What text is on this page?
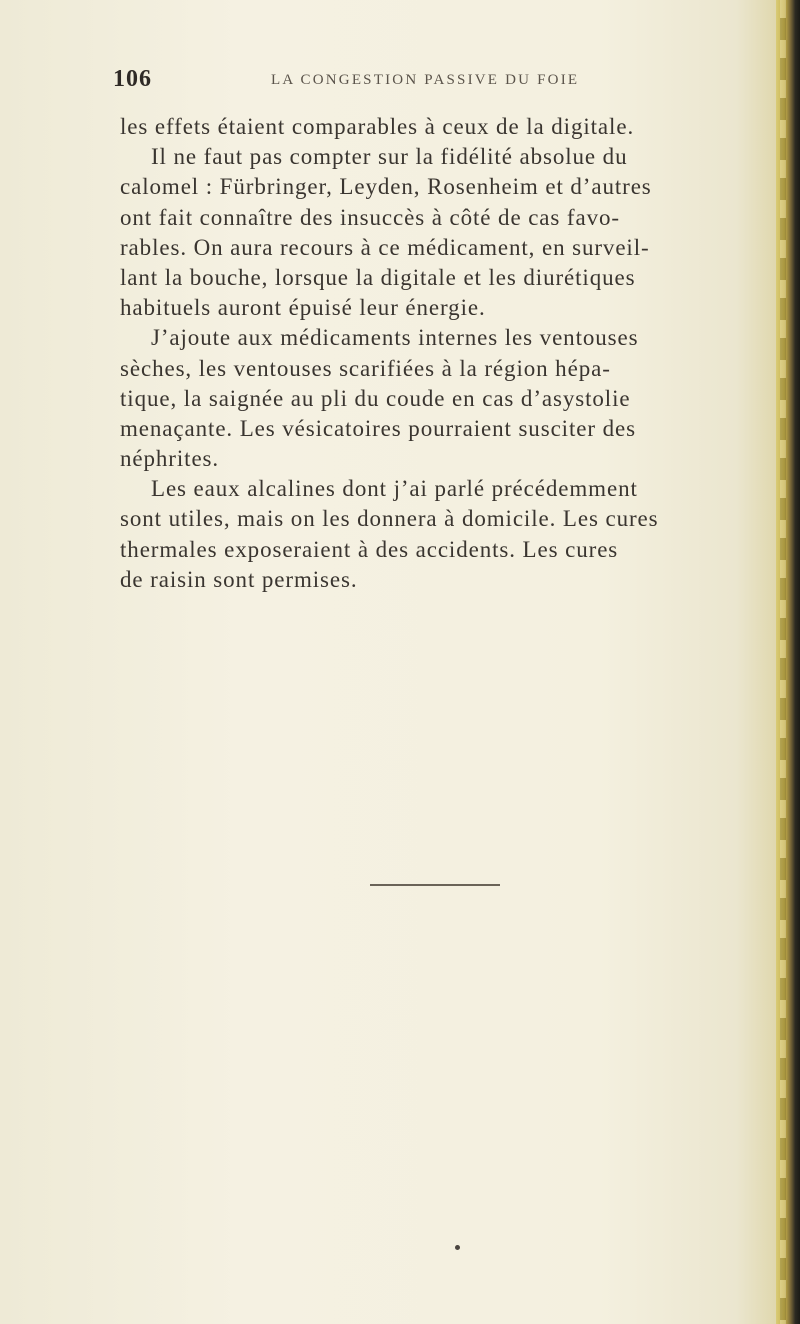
106	LA CONGESTION PASSIVE DU FOIE
les effets étaient comparables à ceux de la digitale.
Il ne faut pas compter sur la fidélité absolue du
calomel : Fürbringer, Leyden, Rosenheim et d’autres
ont fait connaître des insuccès à côté de cas favo-
rables. On aura recours à ce médicament, en surveil-
lant la bouche, lorsque la digitale et les diurétiques
habituels auront épuisé leur énergie.
J’ajoute aux médicaments internes les ventouses
sèches, les ventouses scarifiées à la région hépa-
tique, la saignée au pli du coude en cas d’asystolie
menaçante. Les vésicatoires pourraient susciter des
néphrites.
Les eaux alcalines dont j’ai parlé précédemment
sont utiles, mais on les donnera à domicile. Les cures
thermales exposeraient à des accidents. Les cures
de raisin sont permises.
